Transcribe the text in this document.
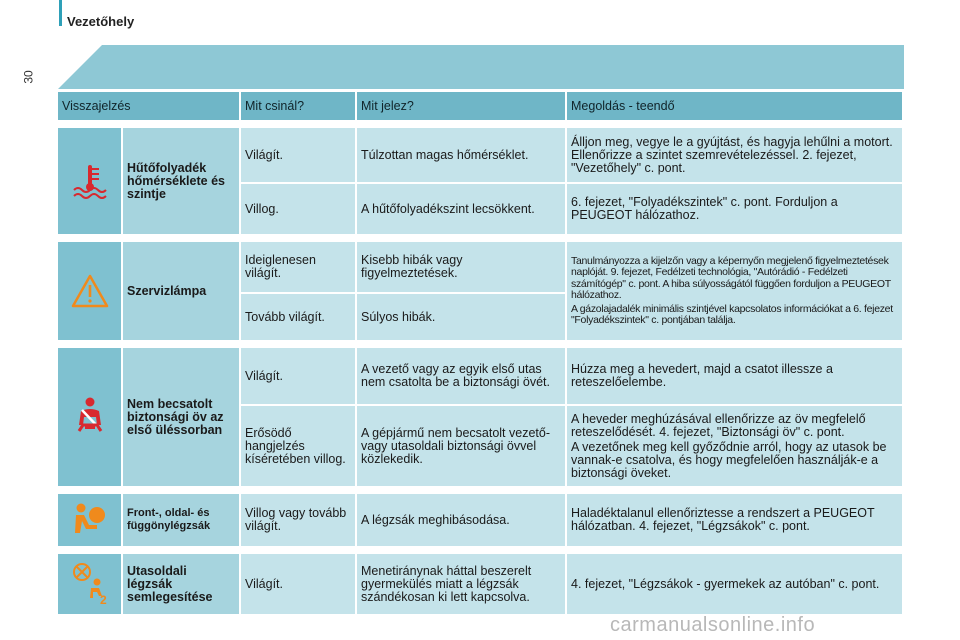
Vezetőhely
30
Visszajelzés		Mit csinál?	Mit jelez?	Megoldás - teendő

	Hűtőfolyadék hőmérséklete és szintje	Világít.	Túlzottan magas hőmérséklet.	Álljon meg, vegye le a gyújtást, és hagyja lehűlni a motort. Ellenőrizze a szintet szemrevételezéssel. 2. fejezet, "Vezetőhely" c. pont.
		Villog.	A hűtőfolyadékszint lecsökkent.	6. fejezet, "Folyadékszintek" c. pont. Forduljon a PEUGEOT hálózathoz.

	Szervizlámpa	Ideiglenesen világít.	Kisebb hibák vagy figyelmeztetések.	Tanulmányozza a kijelzőn vagy a képernyőn megjelenő figyelmeztetések naplóját. 9. fejezet, Fedélzeti technológia, "Autórádió - Fedélzeti számítógép" c. pont. A hiba súlyosságától függően forduljon a PEUGEOT hálózathoz.

A gázolajadalék minimális szintjével kapcsolatos információkat a 6. fejezet "Folyadékszintek" c. pontjában találja.

		Tovább világít.	Súlyos hibák.	

	Nem becsatolt biztonsági öv az első üléssorban	Világít.	A vezető vagy az egyik első utas nem csatolta be a biztonsági övét.	Húzza meg a hevedert, majd a csatot illessze a reteszelőelembe.
		Erősödő hangjelzés kíséretében villog.	A gépjármű nem becsatolt vezető- vagy utasoldali biztonsági övvel közlekedik.	A heveder meghúzásával ellenőrizze az öv megfelelő reteszelődését. 4. fejezet, "Biztonsági öv" c. pont.

A vezetőnek meg kell győződnie arról, hogy az utasok be vannak-e csatolva, és hogy megfelelően használják-e a biztonsági öveket.

	Front-, oldal- és függönylégzsák	Villog vagy tovább világít.	A légzsák meghibásodása.	Haladéktalanul ellenőriztesse a rendszert a PEUGEOT hálózatban. 4. fejezet, "Légzsákok" c. pont.

2	Utasoldali légzsák semlegesítése	Világít.	Menetiránynak háttal beszerelt gyermekülés miatt a légzsák szándékosan ki lett kapcsolva.	4. fejezet, "Légzsákok - gyermekek az autóban" c. pont.
carmanualsonline.info
